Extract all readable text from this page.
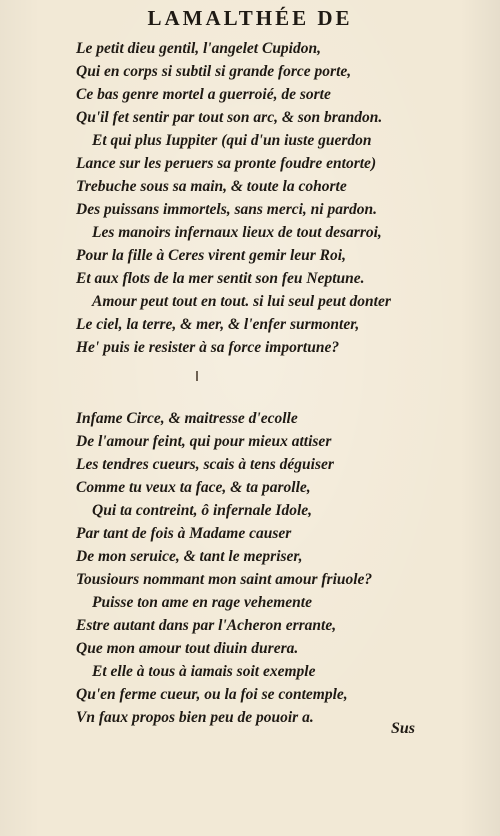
LAMALTHÉE DE
Le petit dieu gentil, l'angelet Cupidon,
Qui en corps si subtil si grande force porte,
Ce bas genre mortel a guerroié, de sorte
Qu'il fet sentir par tout son arc, & son brandon.
Et qui plus Iuppiter (qui d'un iuste guerdon
Lance sur les peruers sa pronte foudre entorte)
Trebuche sous sa main, & toute la cohorte
Des puissans immortels, sans merci, ni pardon.
Les manoirs infernaux lieux de tout desarroi,
Pour la fille à Ceres virent gemir leur Roi,
Et aux flots de la mer sentit son feu Neptune.
Amour peut tout en tout. si lui seul peut donter
Le ciel, la terre, & mer, & l'enfer surmonter,
He' puis ie resister à sa force importune?
Infame Circe, & maitresse d'ecolle
De l'amour feint, qui pour mieux attiser
Les tendres cueurs, scais à tens déguiser
Comme tu veux ta face, & ta parolle,
Qui ta contreint, ô infernale Idole,
Par tant de fois à Madame causer
De mon seruice, & tant le mepriser,
Tousiours nommant mon saint amour friuole?
Puisse ton ame en rage vehemente
Estre autant dans par l'Acheron errante,
Que mon amour tout diuin durera.
Et elle à tous à iamais soit exemple
Qu'en ferme cueur, ou la foi se contemple,
Vn faux propos bien peu de pouoir a.
Sus
